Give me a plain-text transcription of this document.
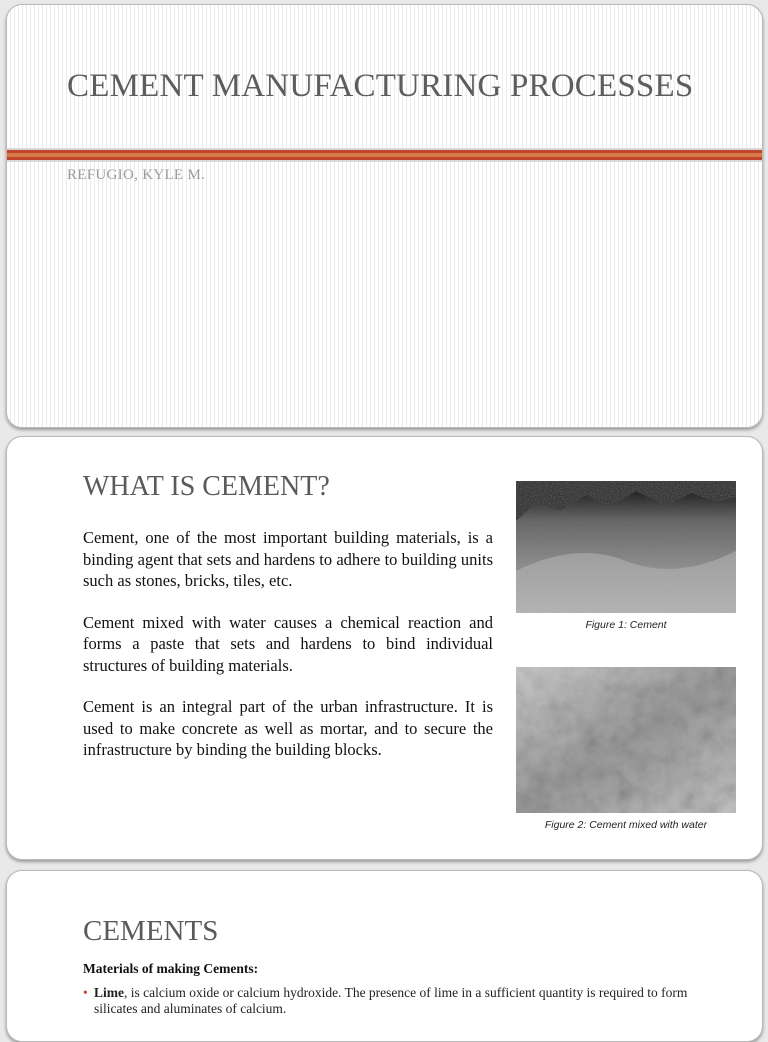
CEMENT MANUFACTURING PROCESSES
REFUGIO, KYLE M.
WHAT IS CEMENT?

Cement, one of the most important building materials, is a binding agent that sets and hardens to adhere to building units such as stones, bricks, tiles, etc.

Cement mixed with water causes a chemical reaction and forms a paste that sets and hardens to bind individual structures of building materials.

Cement is an integral part of the urban infrastructure. It is used to make concrete as well as mortar, and to secure the infrastructure by binding the building blocks.

Figure 1: Cement
Figure 2: Cement mixed with water
CEMENTS
Materials of making Cements:
• Lime, is calcium oxide or calcium hydroxide. The presence of lime in a sufficient quantity is required to form silicates and aluminates of calcium.
